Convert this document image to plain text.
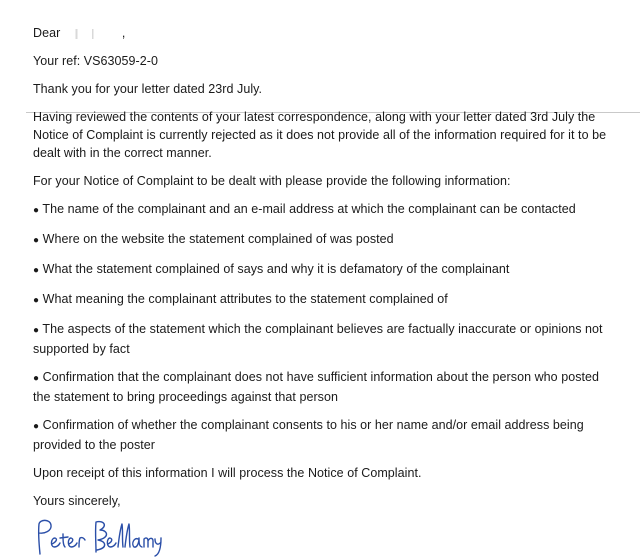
Dear	,

Your ref: VS63059-2-0

Thank you for your letter dated 23rd July.

Having reviewed the contents of your latest correspondence, along with your letter dated 3rd July the Notice of Complaint is currently rejected as it does not provide all of the information required for it to be dealt with in the correct manner.

For your Notice of Complaint to be dealt with please provide the following information:

● The name of the complainant and an e-mail address at which the complainant can be contacted
● Where on the website the statement complained of was posted
● What the statement complained of says and why it is defamatory of the complainant
● What meaning the complainant attributes to the statement complained of
● The aspects of the statement which the complainant believes are factually inaccurate or opinions not supported by fact
● Confirmation that the complainant does not have sufficient information about the person who posted the statement to bring proceedings against that person
● Confirmation of whether the complainant consents to his or her name and/or email address being provided to the poster

Upon receipt of this information I will process the Notice of Complaint.

Yours sincerely,
